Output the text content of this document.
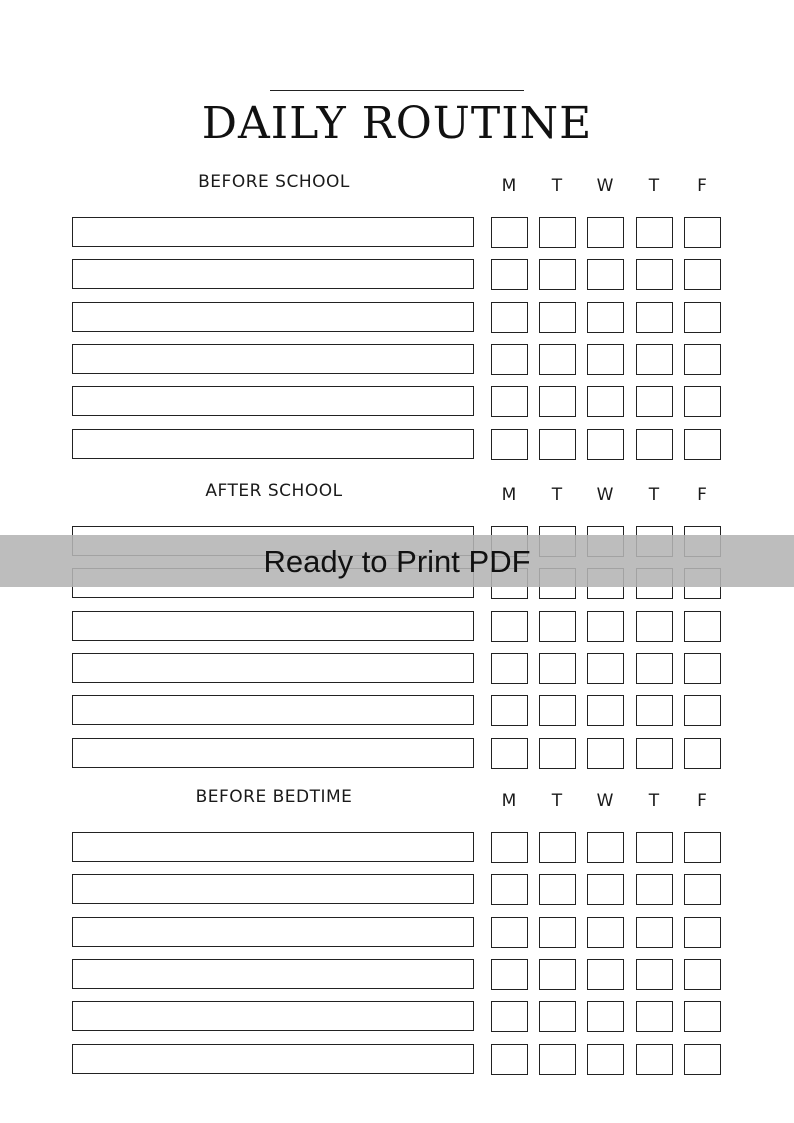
DAILY ROUTINE
BEFORE SCHOOL	M	T	W	T	F
AFTER SCHOOL	M	T	W	T	F
BEFORE BEDTIME	M	T	W	T	F
Ready to Print PDF
